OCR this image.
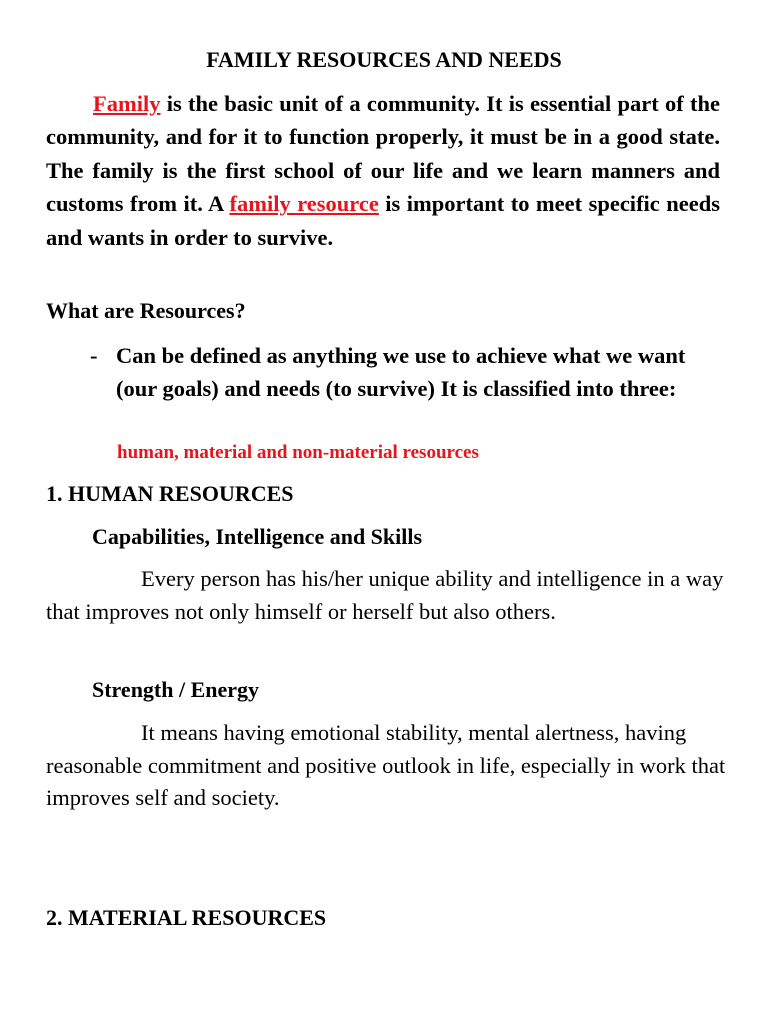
FAMILY RESOURCES AND NEEDS

Family is the basic unit of a community. It is essential part of the community, and for it to function properly, it must be in a good state. The family is the first school of our life and we learn manners and customs from it. A family resource is important to meet specific needs and wants in order to survive.

What are Resources?
- Can be defined as anything we use to achieve what we want (our goals) and needs (to survive) It is classified into three:
human, material and non-material resources
1. HUMAN RESOURCES
Capabilities, Intelligence and Skills

Every person has his/her unique ability and intelligence in a way that improves not only himself or herself but also others.

Strength / Energy

It means having emotional stability, mental alertness, having reasonable commitment and positive outlook in life, especially in work that improves self and society.

2. MATERIAL RESOURCES
